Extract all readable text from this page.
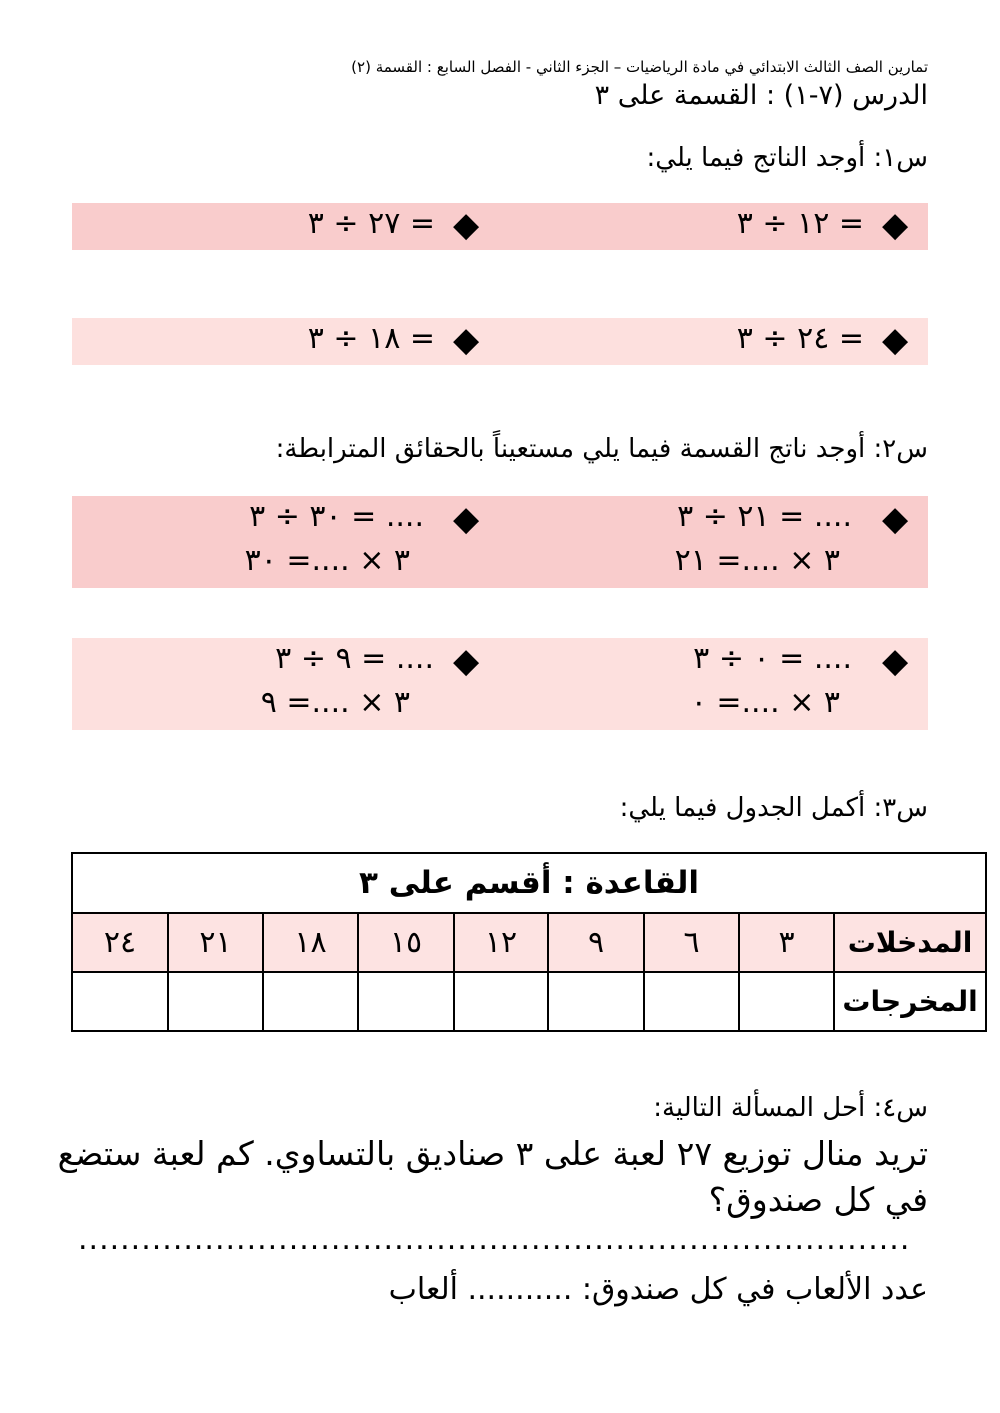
تمارين الصف الثالث الابتدائي في مادة الرياضيات – الجزء الثاني - الفصل السابع : القسمة (٢)
الدرس (٧-١) : القسمة على ٣
س١: أوجد الناتج فيما يلي:
◆
١٢ ÷ ٣ =
◆
٢٧ ÷ ٣ =
◆
٢٤ ÷ ٣ =
◆
١٨ ÷ ٣ =
س٢: أوجد ناتج القسمة فيما يلي مستعيناً بالحقائق المترابطة:
◆
٢١ ÷ ٣ = ....
٣ × ....= ٢١
◆
٣٠ ÷ ٣ = ....
٣ × ....= ٣٠
◆
٠ ÷ ٣ = ....
٣ × ....= ٠
◆
٩ ÷ ٣ = ....
٣ × ....= ٩
س٣: أكمل الجدول فيما يلي:
القاعدة : أقسم على ٣								
٢٤	٢١	١٨	١٥	١٢	٩	٦	٣	المدخلات
								المخرجات
س٤: أحل المسألة التالية:
تريد منال توزيع ٢٧ لعبة على ٣ صناديق بالتساوي. كم لعبة ستضع
في كل صندوق؟
...............................................................................
عدد الألعاب في كل صندوق: ........... ألعاب
